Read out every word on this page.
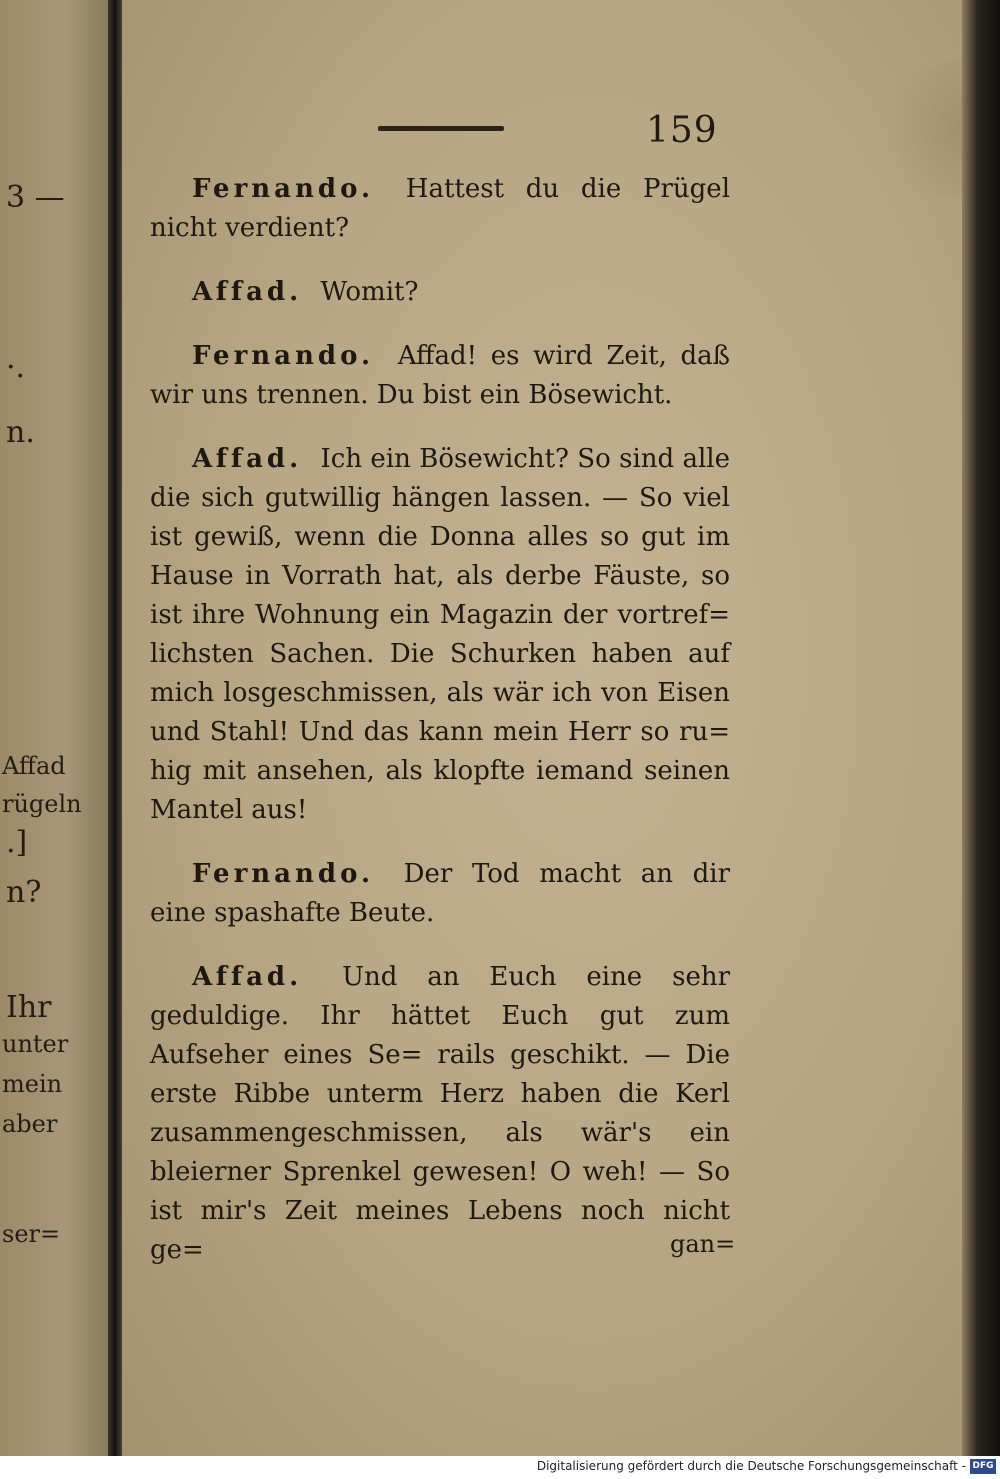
3 —
·.
n.
Affad
rügeln
.]
n?
Ihr
unter
mein
aber
ser=
159

Fernando. Hattest du die Prügel nicht verdient?

Affad. Womit?

Fernando. Affad! es wird Zeit, daß wir uns trennen. Du bist ein Bösewicht.

Affad. Ich ein Bösewicht? So sind alle die sich gutwillig hängen lassen. — So viel ist gewiß, wenn die Donna alles so gut im Hause in Vorrath hat, als derbe Fäuste, so ist ihre Wohnung ein Magazin der vortref= lichsten Sachen. Die Schurken haben auf mich losgeschmissen, als wär ich von Eisen und Stahl! Und das kann mein Herr so ru= hig mit ansehen, als klopfte iemand seinen Mantel aus!

Fernando. Der Tod macht an dir eine spashafte Beute.

Affad. Und an Euch eine sehr geduldige. Ihr hättet Euch gut zum Aufseher eines Se= rails geschikt. — Die erste Ribbe unterm Herz haben die Kerl zusammengeschmissen, als wär's ein bleierner Sprenkel gewesen! O weh! — So ist mir's Zeit meines Lebens noch nicht ge=	gan=
Digitalisierung gefördert durch die Deutsche Forschungsgemeinschaft - DFG
